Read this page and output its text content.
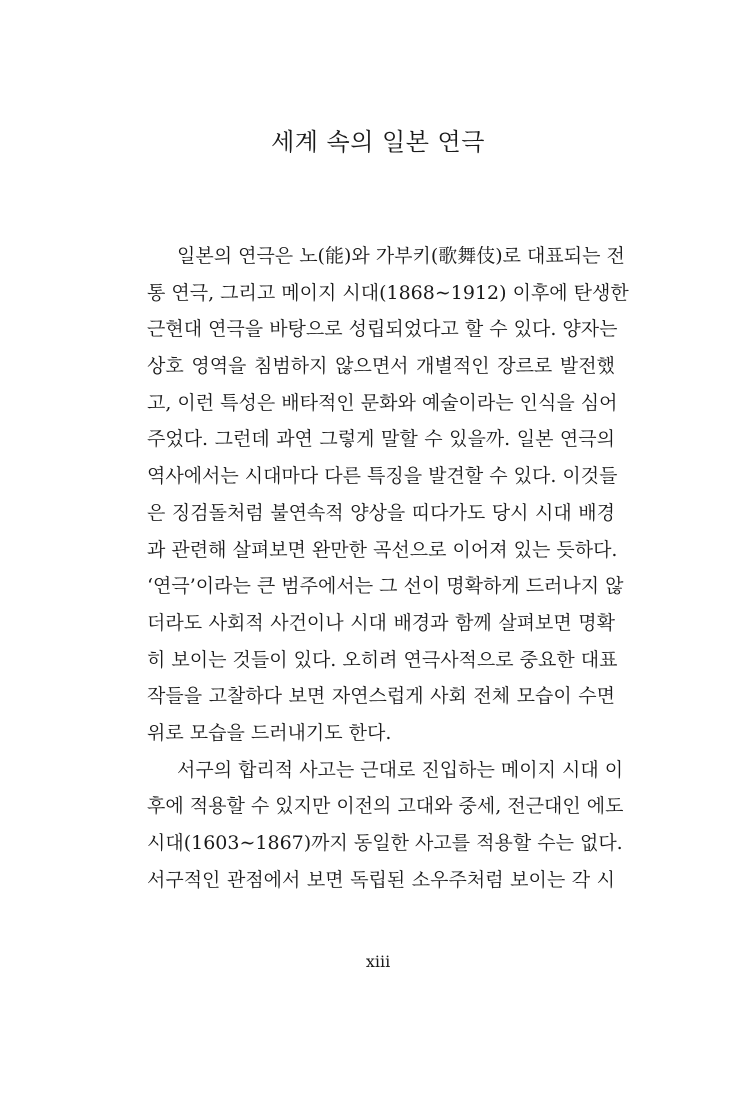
세계 속의 일본 연극
일본의 연극은 노(能)와 가부키(歌舞伎)로 대표되는 전
통 연극, 그리고 메이지 시대(1868∼1912) 이후에 탄생한
근현대 연극을 바탕으로 성립되었다고 할 수 있다. 양자는
상호 영역을 침범하지 않으면서 개별적인 장르로 발전했
고, 이런 특성은 배타적인 문화와 예술이라는 인식을 심어
주었다. 그런데 과연 그렇게 말할 수 있을까. 일본 연극의
역사에서는 시대마다 다른 특징을 발견할 수 있다. 이것들
은 징검돌처럼 불연속적 양상을 띠다가도 당시 시대 배경
과 관련해 살펴보면 완만한 곡선으로 이어져 있는 듯하다.
‘연극’이라는 큰 범주에서는 그 선이 명확하게 드러나지 않
더라도 사회적 사건이나 시대 배경과 함께 살펴보면 명확
히 보이는 것들이 있다. 오히려 연극사적으로 중요한 대표
작들을 고찰하다 보면 자연스럽게 사회 전체 모습이 수면
위로 모습을 드러내기도 한다.
서구의 합리적 사고는 근대로 진입하는 메이지 시대 이
후에 적용할 수 있지만 이전의 고대와 중세, 전근대인 에도
시대(1603∼1867)까지 동일한 사고를 적용할 수는 없다.
서구적인 관점에서 보면 독립된 소우주처럼 보이는 각 시
xiii
